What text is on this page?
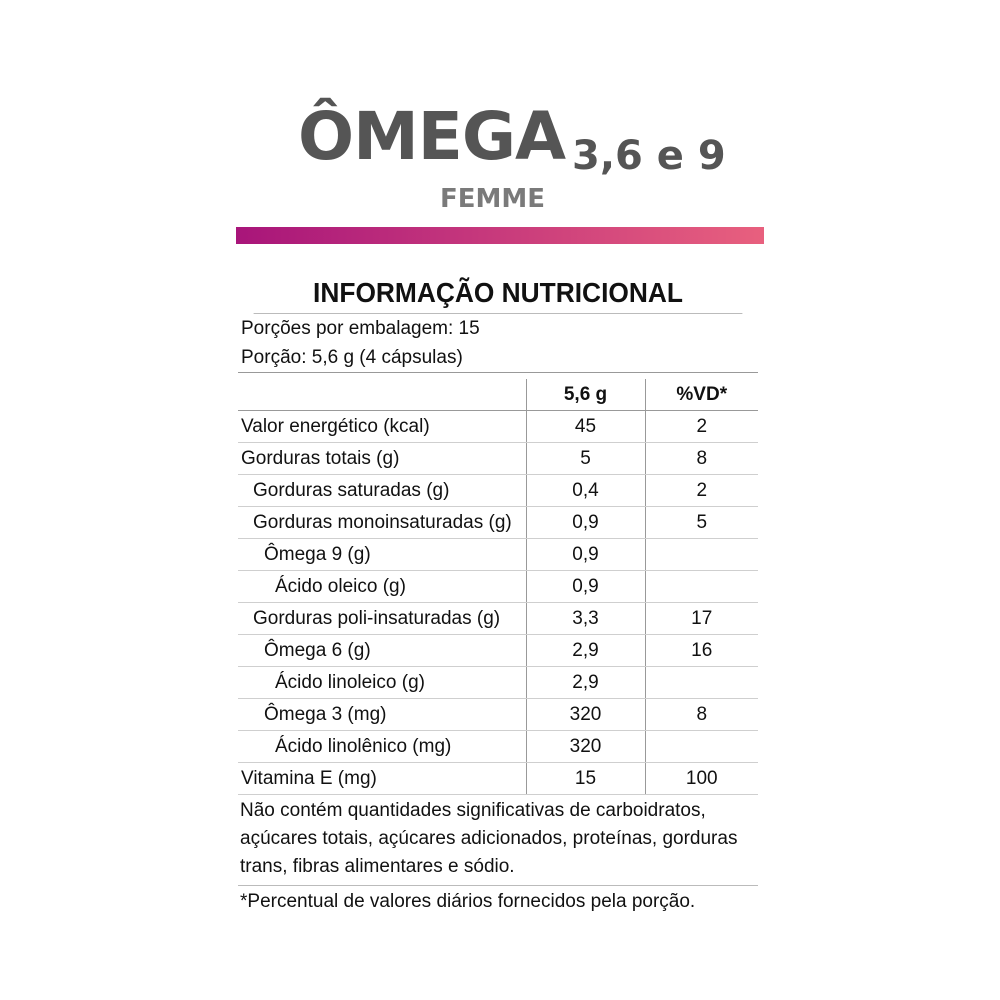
ÔMEGA 3,6 e 9
FEMME
INFORMAÇÃO NUTRICIONAL
Porções por embalagem: 15
Porção: 5,6 g (4 cápsulas)
	5,6 g	%VD*
Valor energético (kcal)	45	2
Gorduras totais (g)	5	8
Gorduras saturadas (g)	0,4	2
Gorduras monoinsaturadas (g)	0,9	5
Ômega 9 (g)	0,9	
Ácido oleico (g)	0,9	
Gorduras poli-insaturadas (g)	3,3	17
Ômega 6 (g)	2,9	16
Ácido linoleico (g)	2,9	
Ômega 3 (mg)	320	8
Ácido linolênico (mg)	320	
Vitamina E (mg)	15	100
Não contém quantidades significativas de carboidratos, açúcares totais, açúcares adicionados, proteínas, gorduras trans, fibras alimentares e sódio.
*Percentual de valores diários fornecidos pela porção.
